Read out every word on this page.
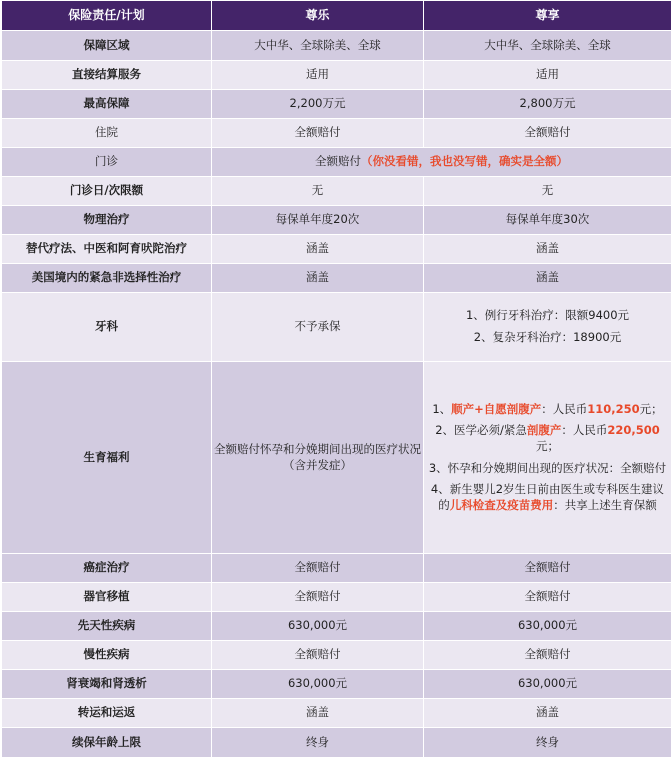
保险责任/计划	尊乐	尊享
保障区域	大中华、全球除美、全球	大中华、全球除美、全球
直接结算服务	适用	适用
最高保障	2,200万元	2,800万元
住院	全额赔付	全额赔付
门诊	全额赔付（你没看错，我也没写错，确实是全额）	
门诊日/次限额	无	无
物理治疗	每保单年度20次	每保单年度30次
替代疗法、中医和阿育吠陀治疗	涵盖	涵盖
美国境内的紧急非选择性治疗	涵盖	涵盖
牙科	不予承保	1、例行牙科治疗：限额9400元
2、复杂牙科治疗：18900元

生育福利	全额赔付怀孕和分娩期间出现的医疗状况（含并发症）	1、顺产+自愿剖腹产：人民币110,250元；
2、医学必须/紧急剖腹产：人民币220,500元；
3、怀孕和分娩期间出现的医疗状况：全额赔付
4、新生婴儿2岁生日前由医生或专科医生建议的儿科检查及疫苗费用：共享上述生育保额

癌症治疗	全额赔付	全额赔付
器官移植	全额赔付	全额赔付
先天性疾病	630,000元	630,000元
慢性疾病	全额赔付	全额赔付
肾衰竭和肾透析	630,000元	630,000元
转运和运返	涵盖	涵盖
续保年龄上限	终身	终身
